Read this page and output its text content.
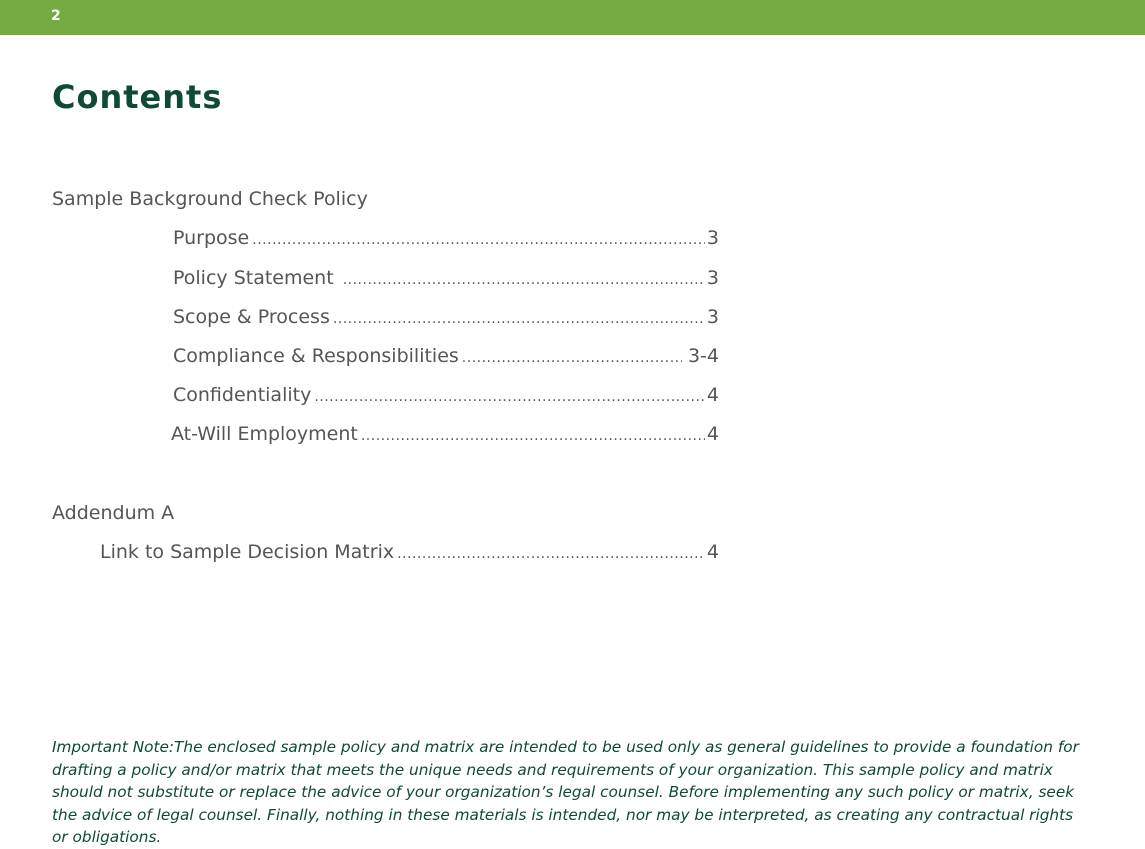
2
Contents
Sample Background Check Policy
Purpose .....	3
Policy Statement .....	3
Scope & Process .....	3
Compliance & Responsibilities .....	3-4
Confidentiality .....	4
At-Will Employment .....	4
Addendum A
Link to Sample Decision Matrix .....	4

Important Note:The enclosed sample policy and matrix are intended to be used only as general guidelines to provide a foundation for drafting a policy and/or matrix that meets the unique needs and requirements of your organization. This sample policy and matrix should not substitute or replace the advice of your organization’s legal counsel. Before implementing any such policy or matrix, seek the advice of legal counsel. Finally, nothing in these materials is intended, nor may be interpreted, as creating any contractual rights or obligations.
